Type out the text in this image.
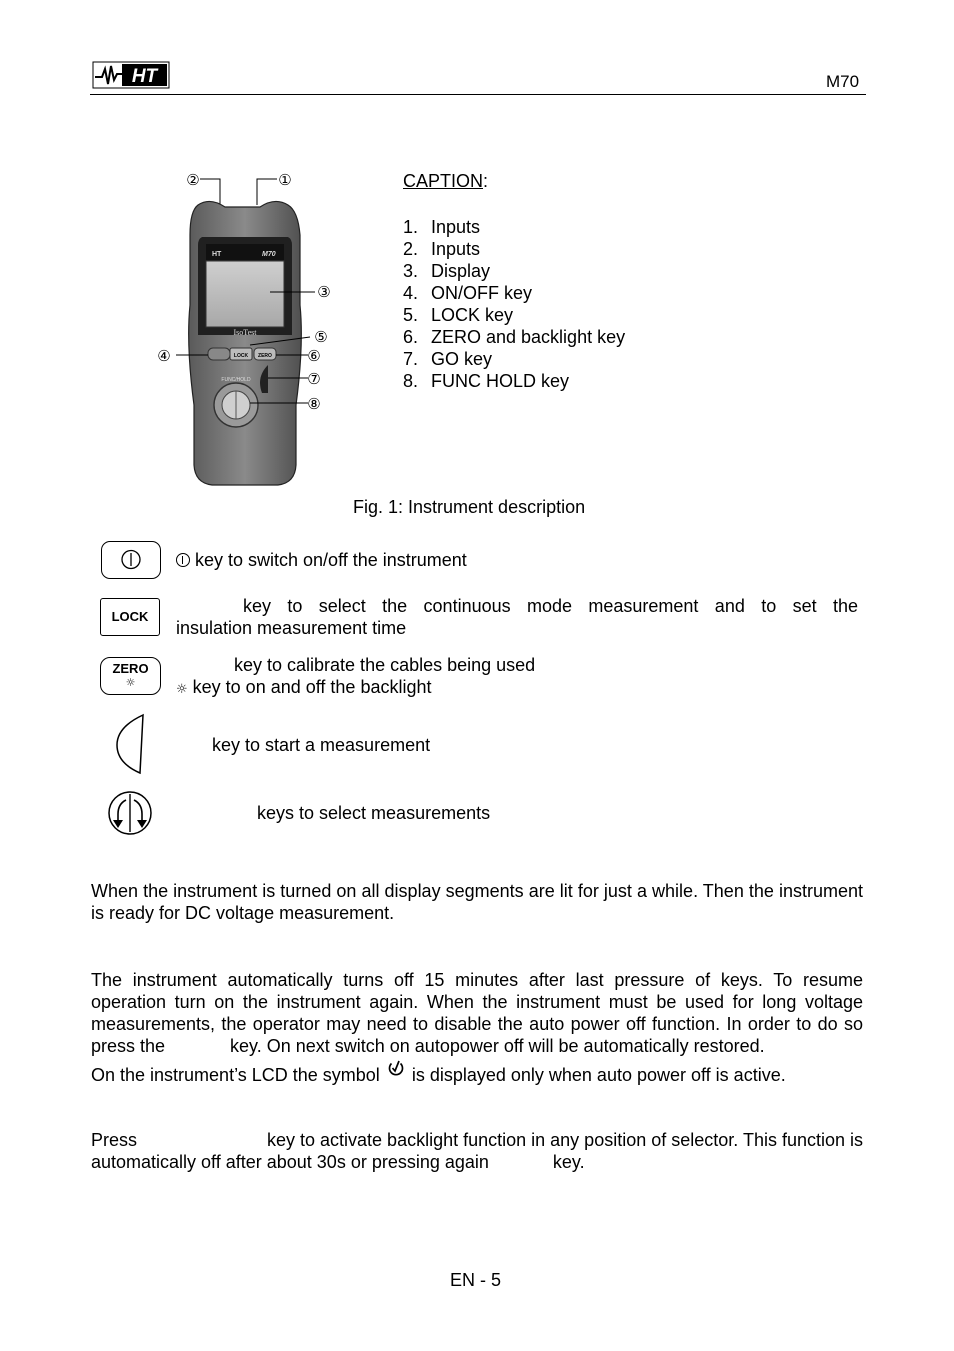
HT	M70
HT	M70
IsoTest
LOCK ZERO
FUNC/HOLD
②	①
③
⑤
④	⑥
⑦
⑧
CAPTION:
1. Inputs
2. Inputs
3. Display
4. ON/OFF key
5. LOCK key
6. ZERO and backlight key
7. GO key
8. FUNC HOLD key
Fig. 1: Instrument description
key to switch on/off the instrument
LOCK
key to select the continuous mode measurement and to set the
insulation measurement time
ZERO
☼
key to calibrate the cables being used
☼ key to on and off the backlight
key to start a measurement
keys to select measurements
When the instrument is turned on all display segments are lit for just a while. Then the instrument is ready for DC voltage measurement.
The instrument automatically turns off 15 minutes after last pressure of keys. To resume operation turn on the instrument again. When the instrument must be used for long voltage measurements, the operator may need to disable the auto power off function. In order to do so press the	key. On next switch on autopower off will be automatically restored.
On the instrument’s LCD the symbol is displayed only when auto power off is active.
Press	key to activate backlight function in any position of selector. This function is
automatically off after about 30s or pressing again	key.
EN - 5
